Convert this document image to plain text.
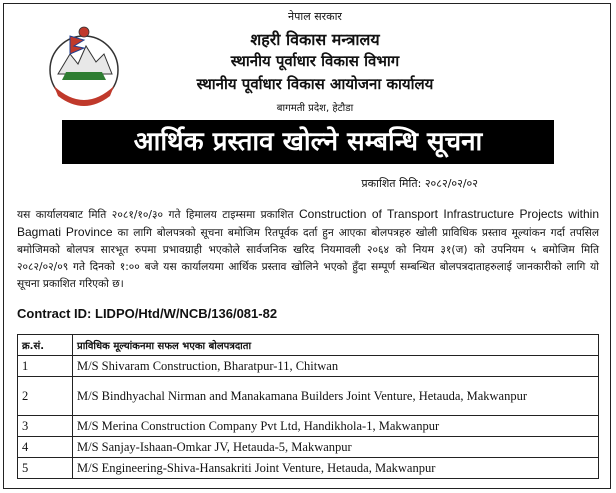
नेपाल सरकार
शहरी विकास मन्त्रालय
स्थानीय पूर्वाधार विकास विभाग
स्थानीय पूर्वाधार विकास आयोजना कार्यालय
बागमती प्रदेश, हेटौडा
आर्थिक प्रस्ताव खोल्ने सम्बन्धि सूचना
प्रकाशित मिति: २०८२/०२/०२
यस कार्यालयबाट मिति २०८१/१०/३० गते हिमालय टाइम्समा प्रकाशित Construction of Transport Infrastructure Projects within Bagmati Province का लागि बोलपत्रको सूचना बमोजिम रितपूर्वक दर्ता हुन आएका बोलपत्रहरु खोली प्राविधिक प्रस्ताव मूल्यांकन गर्दा तपसिल बमोजिमको बोलपत्र सारभूत रुपमा प्रभावग्राही भएकोले सार्वजनिक खरिद नियमावली २०६४ को नियम ३१(ज) को उपनियम ५ बमोजिम मिति २०८२/०२/०९ गते दिनको १:०० बजे यस कार्यालयमा आर्थिक प्रस्ताव खोलिने भएको हुँदा सम्पूर्ण सम्बन्धित बोलपत्रदाताहरुलाई जानकारीको लागि यो सूचना प्रकाशित गरिएको छ।
Contract ID: LIDPO/Htd/W/NCB/136/081-82
क्र.सं.	प्राविधिक मूल्यांकनमा सफल भएका बोलपत्रदाता
1	M/S Shivaram Construction, Bharatpur-11, Chitwan
2	M/S Bindhyachal Nirman and Manakamana Builders Joint Venture, Hetauda, Makwanpur
3	M/S Merina Construction Company Pvt Ltd, Handikhola-1, Makwanpur
4	M/S Sanjay-Ishaan-Omkar JV, Hetauda-5, Makwanpur
5	M/S Engineering-Shiva-Hansakriti Joint Venture, Hetauda, Makwanpur
